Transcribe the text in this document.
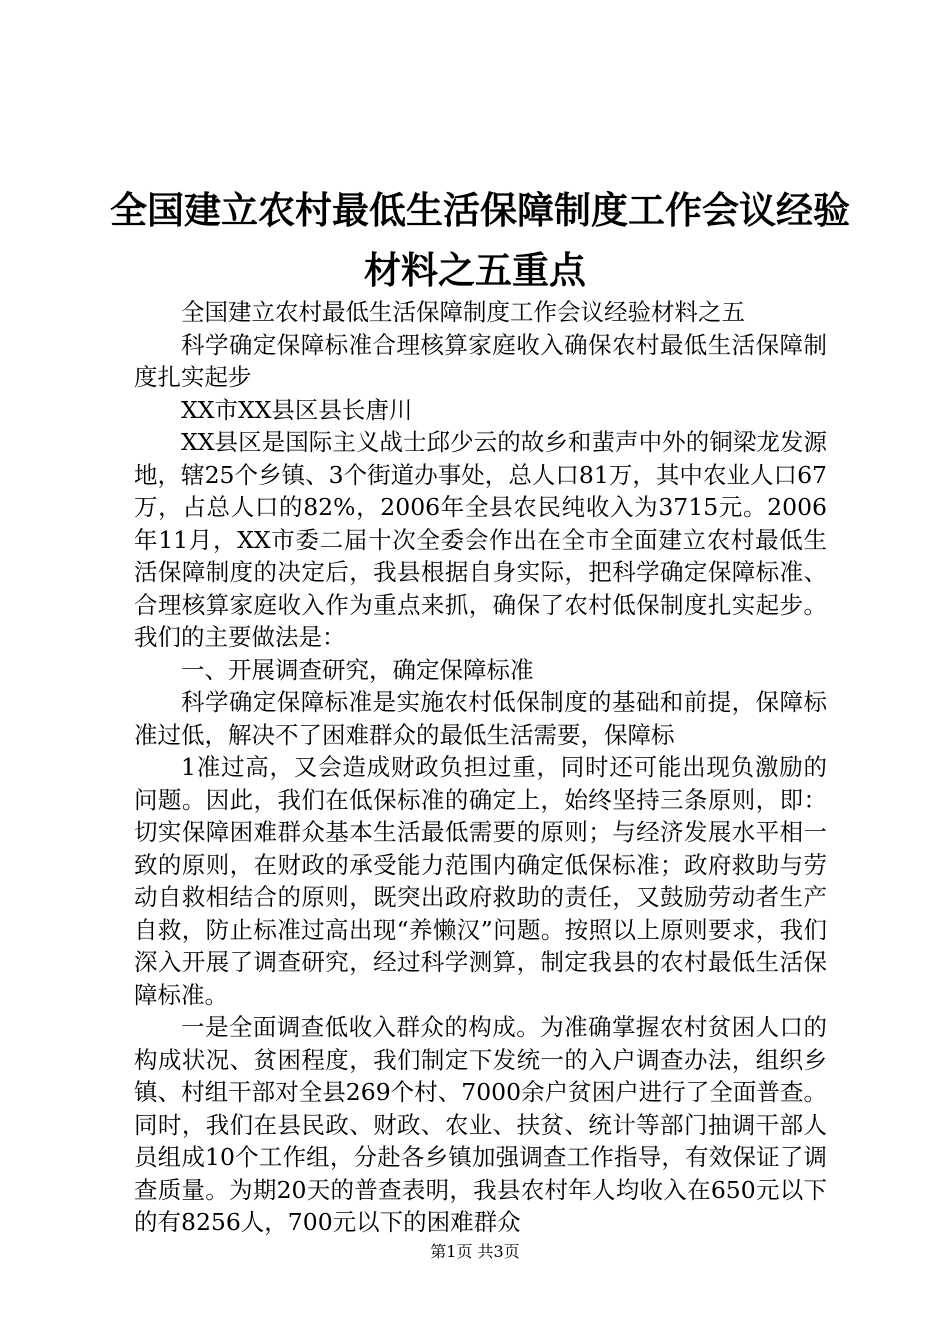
全国建立农村最低生活保障制度工作会议经验
材料之五重点

全国建立农村最低生活保障制度工作会议经验材料之五

科学确定保障标准合理核算家庭收入确保农村最低生活保障制度扎实起步

XX市XX县区县长唐川

XX县区是国际主义战士邱少云的故乡和蜚声中外的铜梁龙发源地，辖25个乡镇、3个街道办事处，总人口81万，其中农业人口67万，占总人口的82%，2006年全县农民纯收入为3715元。2006年11月，XX市委二届十次全委会作出在全市全面建立农村最低生活保障制度的决定后，我县根据自身实际，把科学确定保障标准、合理核算家庭收入作为重点来抓，确保了农村低保制度扎实起步。我们的主要做法是：

一、开展调查研究，确定保障标准

科学确定保障标准是实施农村低保制度的基础和前提，保障标准过低，解决不了困难群众的最低生活需要，保障标

1准过高，又会造成财政负担过重，同时还可能出现负激励的问题。因此，我们在低保标准的确定上，始终坚持三条原则，即：切实保障困难群众基本生活最低需要的原则；与经济发展水平相一致的原则，在财政的承受能力范围内确定低保标准；政府救助与劳动自救相结合的原则，既突出政府救助的责任，又鼓励劳动者生产自救，防止标准过高出现“养懒汉”问题。按照以上原则要求，我们深入开展了调查研究，经过科学测算，制定我县的农村最低生活保障标准。

一是全面调查低收入群众的构成。为准确掌握农村贫困人口的构成状况、贫困程度，我们制定下发统一的入户调查办法，组织乡镇、村组干部对全县269个村、7000余户贫困户进行了全面普查。同时，我们在县民政、财政、农业、扶贫、统计等部门抽调干部人员组成10个工作组，分赴各乡镇加强调查工作指导，有效保证了调查质量。为期20天的普查表明，我县农村年人均收入在650元以下的有8256人，700元以下的困难群众

第1页 共3页
